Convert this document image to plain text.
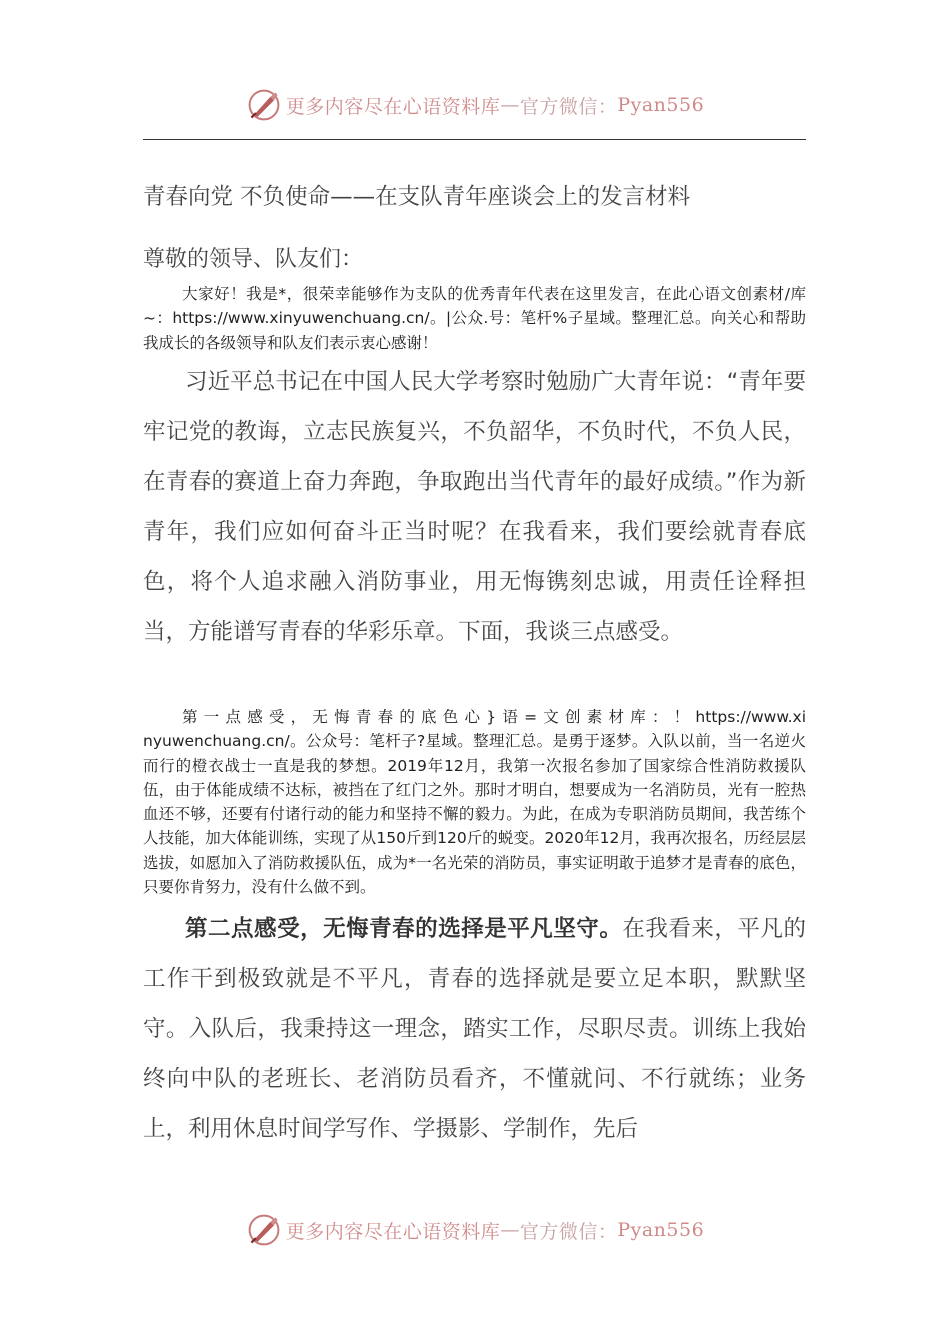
更多内容尽在心语资料库 — 官方微信： Pyan556
青春向党 不负使命——在支队青年座谈会上的发言材料
尊敬的领导、队友们：
大家好！我是*，很荣幸能够作为支队的优秀青年代表在这里发言，在此心语文创素材/库~：https://www.xinyuwenchuang.cn/。|公众.号：笔杆%子星域。整理汇总。向关心和帮助我成长的各级领导和队友们表示衷心感谢！
习近平总书记在中国人民大学考察时勉励广大青年说：“青年要牢记党的教诲，立志民族复兴，不负韶华，不负时代，不负人民，在青春的赛道上奋力奔跑，争取跑出当代青年的最好成绩。”作为新青年，我们应如何奋斗正当时呢？在我看来，我们要绘就青春底色，将个人追求融入消防事业，用无悔镌刻忠诚，用责任诠释担当，方能谱写青春的华彩乐章。下面，我谈三点感受。
第一点感受，无悔青春的底色心}语=文创素材库：！https://www.xinyuwenchuang.cn/。公众号：笔杆子?星域。整理汇总。是勇于逐梦。入队以前，当一名逆火而行的橙衣战士一直是我的梦想。2019年12月，我第一次报名参加了国家综合性消防救援队伍，由于体能成绩不达标，被挡在了红门之外。那时才明白，想要成为一名消防员，光有一腔热血还不够，还要有付诸行动的能力和坚持不懈的毅力。为此，在成为专职消防员期间，我苦练个人技能，加大体能训练，实现了从150斤到120斤的蜕变。2020年12月，我再次报名，历经层层选拔，如愿加入了消防救援队伍，成为*一名光荣的消防员，事实证明敢于追梦才是青春的底色，只要你肯努力，没有什么做不到。
第二点感受，无悔青春的选择是平凡坚守。在我看来，平凡的工作干到极致就是不平凡，青春的选择就是要立足本职，默默坚守。入队后，我秉持这一理念，踏实工作，尽职尽责。训练上我始终向中队的老班长、老消防员看齐，不懂就问、不行就练；业务上，利用休息时间学写作、学摄影、学制作，先后
更多内容尽在心语资料库 — 官方微信： Pyan556
